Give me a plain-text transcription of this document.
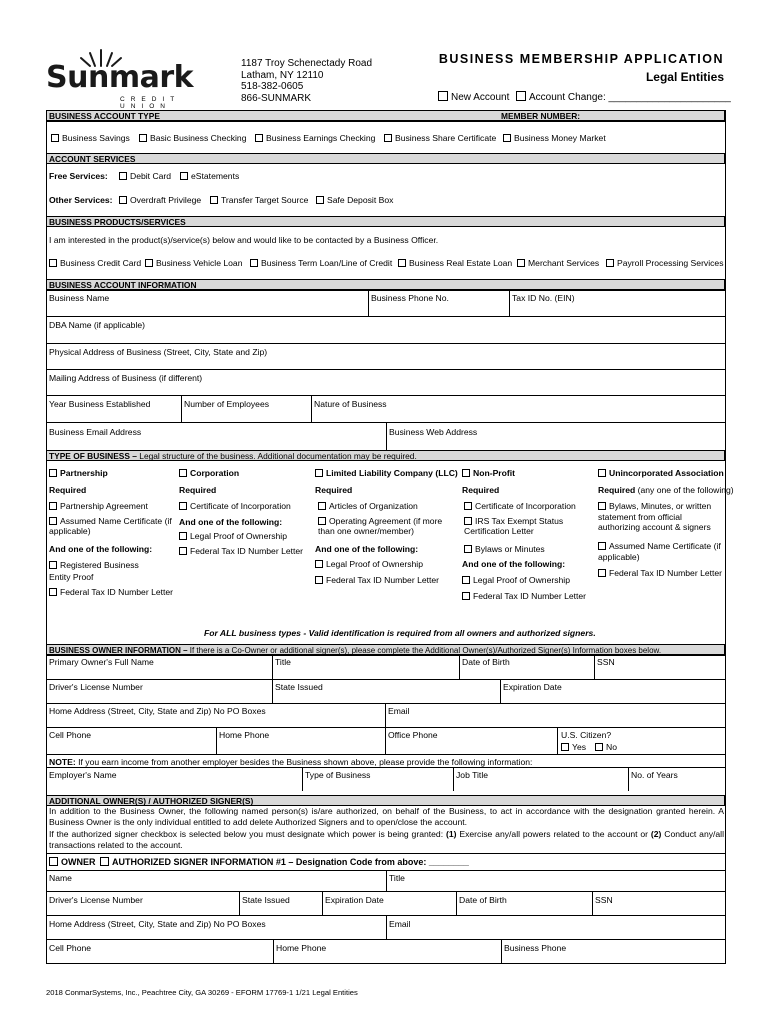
Sunmark
CREDIT UNION
1187 Troy Schenectady Road
Latham, NY 12110
518-382-0605
866-SUNMARK
BUSINESS MEMBERSHIP APPLICATION
Legal Entities
New Account	Account Change: ______________________
BUSINESS ACCOUNT TYPE	MEMBER NUMBER:
Business Savings	Basic Business Checking	Business Earnings Checking	Business Share Certificate	Business Money Market
ACCOUNT SERVICES
Free Services:	Debit Card	eStatements
Other Services:	Overdraft Privilege	Transfer Target Source	Safe Deposit Box
BUSINESS PRODUCTS/SERVICES
I am interested in the product(s)/service(s) below and would like to be contacted by a Business Officer.
Business Credit Card	Business Vehicle Loan	Business Term Loan/Line of Credit	Business Real Estate Loan	Merchant Services	Payroll Processing Services
BUSINESS ACCOUNT INFORMATION
Business Name	Business Phone No.	Tax ID No. (EIN)
DBA Name (if applicable)
Physical Address of Business (Street, City, State and Zip)
Mailing Address of Business (if different)
Year Business Established	Number of Employees	Nature of Business
Business Email Address	Business Web Address
TYPE OF BUSINESS – Legal structure of the business. Additional documentation may be required.
Partnership
Required
Partnership Agreement
Assumed Name Certificate (if applicable)
And one of the following:
Registered Business Entity Proof
Federal Tax ID Number Letter
Corporation
Required
Certificate of Incorporation
And one of the following:
Legal Proof of Ownership
Federal Tax ID Number Letter
Limited Liability Company (LLC)
Required
Articles of Organization
Operating Agreement (if more than one owner/member)
And one of the following:
Legal Proof of Ownership
Federal Tax ID Number Letter
Non-Profit
Required
Certificate of Incorporation
IRS Tax Exempt Status Certification Letter
Bylaws or Minutes
And one of the following:
Legal Proof of Ownership
Federal Tax ID Number Letter
Unincorporated Association
Required (any one of the following)
Bylaws, Minutes, or written statement from official authorizing account & signers
Assumed Name Certificate (if applicable)
Federal Tax ID Number Letter
For ALL business types - Valid identification is required from all owners and authorized signers.
BUSINESS OWNER INFORMATION – If there is a Co-Owner or additional signer(s), please complete the Additional Owner(s)/Authorized Signer(s) Information boxes below.
Primary Owner's Full Name	Title	Date of Birth	SSN
Driver's License Number	State Issued	Expiration Date
Home Address (Street, City, State and Zip) No PO Boxes	Email
Cell Phone	Home Phone	Office Phone	U.S. Citizen?
Yes	No
NOTE: If you earn income from another employer besides the Business shown above, please provide the following information:
Employer's Name	Type of Business	Job Title	No. of Years
ADDITIONAL OWNER(S) / AUTHORIZED SIGNER(S)
In addition to the Business Owner, the following named person(s) is/are authorized, on behalf of the Business, to act in accordance with the designation granted herein. A Business Owner is the only individual entitled to add delete Authorized Signers and to open/close the account.
If the authorized signer checkbox is selected below you must designate which power is being granted: (1) Exercise any/all powers related to the account or (2) Conduct any/all transactions related to the account.
OWNER	AUTHORIZED SIGNER INFORMATION #1 – Designation Code from above: ________
Name	Title
Driver's License Number	State Issued	Expiration Date	Date of Birth	SSN
Home Address (Street, City, State and Zip) No PO Boxes	Email
Cell Phone	Home Phone	Business Phone
2018 ConmarSystems, Inc., Peachtree City, GA 30269 - EFORM 17769-1 1/21 Legal Entities
